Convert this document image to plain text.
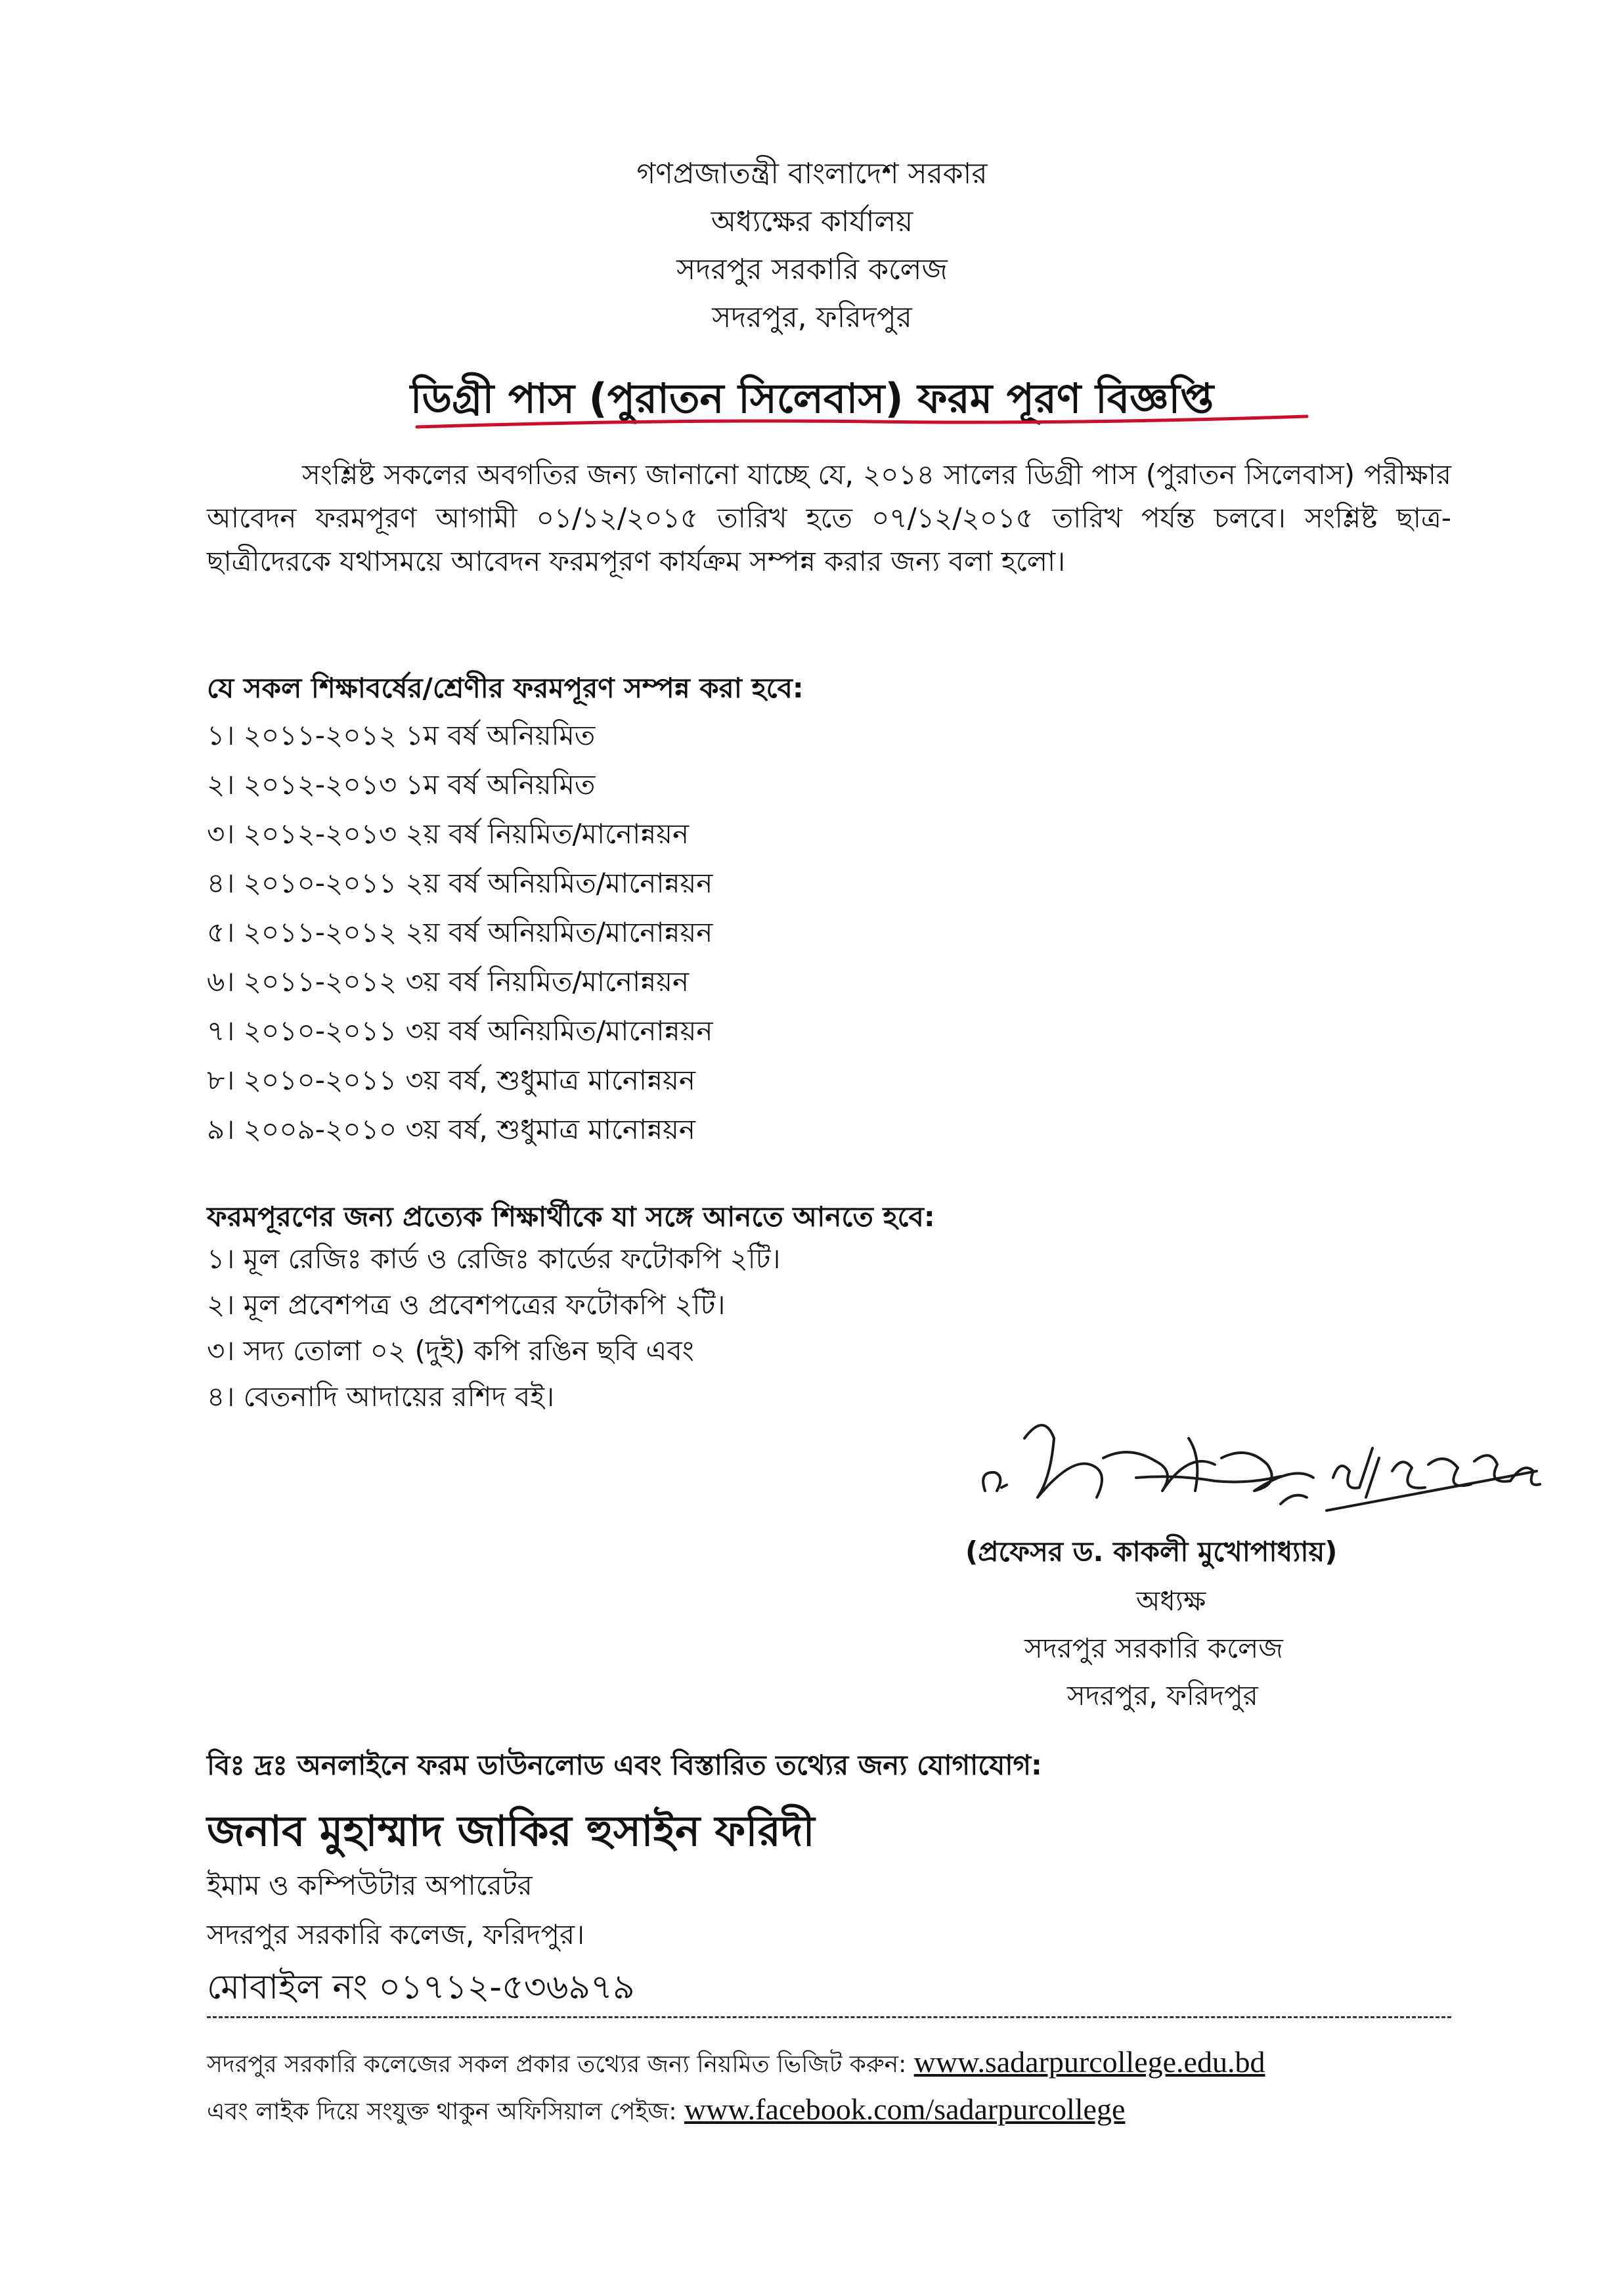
গণপ্রজাতন্ত্রী বাংলাদেশ সরকার
অধ্যক্ষের কার্যালয়
সদরপুর সরকারি কলেজ
সদরপুর, ফরিদপুর
ডিগ্রী পাস (পুরাতন সিলেবাস) ফরম পূরণ বিজ্ঞপ্তি
সংশ্লিষ্ট সকলের অবগতির জন্য জানানো যাচ্ছে যে, ২০১৪ সালের ডিগ্রী পাস (পুরাতন সিলেবাস) পরীক্ষার আবেদন ফরমপূরণ আগামী ০১/১২/২০১৫ তারিখ হতে ০৭/১২/২০১৫ তারিখ পর্যন্ত চলবে। সংশ্লিষ্ট ছাত্র-ছাত্রীদেরকে যথাসময়ে আবেদন ফরমপূরণ কার্যক্রম সম্পন্ন করার জন্য বলা হলো।
যে সকল শিক্ষাবর্ষের/শ্রেণীর ফরমপূরণ সম্পন্ন করা হবে:
১। ২০১১-২০১২ ১ম বর্ষ অনিয়মিত
২। ২০১২-২০১৩ ১ম বর্ষ অনিয়মিত
৩। ২০১২-২০১৩ ২য় বর্ষ নিয়মিত/মানোন্নয়ন
৪। ২০১০-২০১১ ২য় বর্ষ অনিয়মিত/মানোন্নয়ন
৫। ২০১১-২০১২ ২য় বর্ষ অনিয়মিত/মানোন্নয়ন
৬। ২০১১-২০১২ ৩য় বর্ষ নিয়মিত/মানোন্নয়ন
৭। ২০১০-২০১১ ৩য় বর্ষ অনিয়মিত/মানোন্নয়ন
৮। ২০১০-২০১১ ৩য় বর্ষ, শুধুমাত্র মানোন্নয়ন
৯। ২০০৯-২০১০ ৩য় বর্ষ, শুধুমাত্র মানোন্নয়ন
ফরমপূরণের জন্য প্রত্যেক শিক্ষার্থীকে যা সঙ্গে আনতে আনতে হবে:
১। মূল রেজিঃ কার্ড ও রেজিঃ কার্ডের ফটোকপি ২টি।
২। মূল প্রবেশপত্র ও প্রবেশপত্রের ফটোকপি ২টি।
৩। সদ্য তোলা ০২ (দুই) কপি রঙিন ছবি এবং
৪। বেতনাদি আদায়ের রশিদ বই।
(প্রফেসর ড. কাকলী মুখোপাধ্যায়)
অধ্যক্ষ
সদরপুর সরকারি কলেজ
সদরপুর, ফরিদপুর
বিঃ দ্রঃ অনলাইনে ফরম ডাউনলোড এবং বিস্তারিত তথ্যের জন্য যোগাযোগ:
জনাব মুহাম্মাদ জাকির হুসাইন ফরিদী
ইমাম ও কম্পিউটার অপারেটর
সদরপুর সরকারি কলেজ, ফরিদপুর।
মোবাইল নং ০১৭১২-৫৩৬৯৭৯
সদরপুর সরকারি কলেজের সকল প্রকার তথ্যের জন্য নিয়মিত ভিজিট করুন: www.sadarpurcollege.edu.bd
এবং লাইক দিয়ে সংযুক্ত থাকুন অফিসিয়াল পেইজ: www.facebook.com/sadarpurcollege
